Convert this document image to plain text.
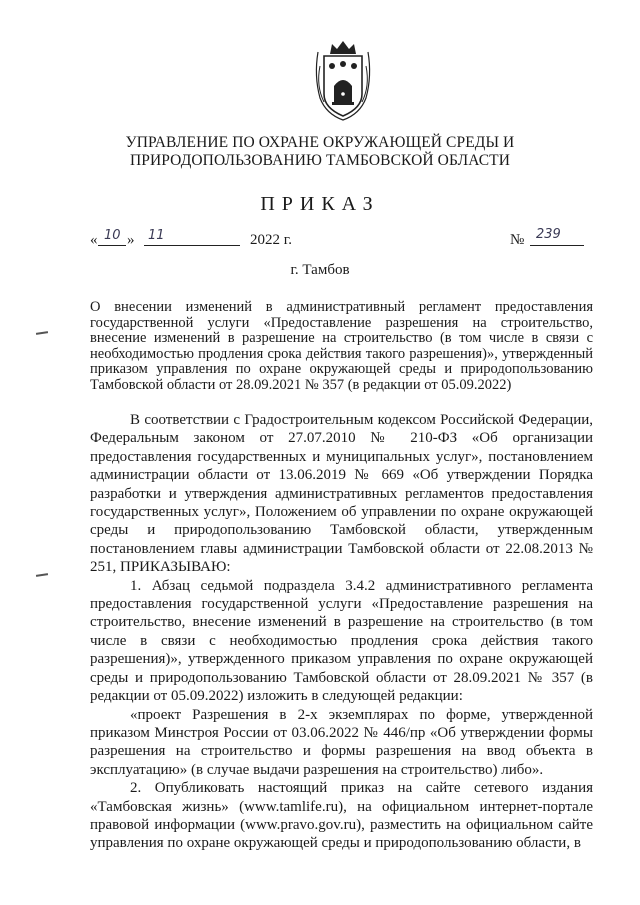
УПРАВЛЕНИЕ ПО ОХРАНЕ ОКРУЖАЮЩЕЙ СРЕДЫ И
ПРИРОДОПОЛЬЗОВАНИЮ ТАМБОВСКОЙ ОБЛАСТИ
ПРИКАЗ
« 10 » 11	2022 г.	№ 239
г. Тамбов
О внесении изменений в административный регламент предоставления государственной услуги «Предоставление разрешения на строительство, внесение изменений в разрешение на строительство (в том числе в связи с необходимостью продления срока действия такого разрешения)», утвержденный приказом управления по охране окружающей среды и природопользованию Тамбовской области от 28.09.2021 № 357 (в редакции от 05.09.2022)

В соответствии с Градостроительным кодексом Российской Федерации, Федеральным законом от 27.07.2010 № 210-ФЗ «Об организации предоставления государственных и муниципальных услуг», постановлением администрации области от 13.06.2019 № 669 «Об утверждении Порядка разработки и утверждения административных регламентов предоставления государственных услуг», Положением об управлении по охране окружающей среды и природопользованию Тамбовской области, утвержденным постановлением главы администрации Тамбовской области от 22.08.2013 № 251, ПРИКАЗЫВАЮ:

1. Абзац седьмой подраздела 3.4.2 административного регламента предоставления государственной услуги «Предоставление разрешения на строительство, внесение изменений в разрешение на строительство (в том числе в связи с необходимостью продления срока действия такого разрешения)», утвержденного приказом управления по охране окружающей среды и природопользованию Тамбовской области от 28.09.2021 № 357 (в редакции от 05.09.2022) изложить в следующей редакции:

«проект Разрешения в 2-х экземплярах по форме, утвержденной приказом Минстроя России от 03.06.2022 № 446/пр «Об утверждении формы разрешения на строительство и формы разрешения на ввод объекта в эксплуатацию» (в случае выдачи разрешения на строительство) либо».

2. Опубликовать настоящий приказ на сайте сетевого издания «Тамбовская жизнь» (www.tamlife.ru), на официальном интернет-портале правовой информации (www.pravo.gov.ru), разместить на официальном сайте управления по охране окружающей среды и природопользованию области, в
